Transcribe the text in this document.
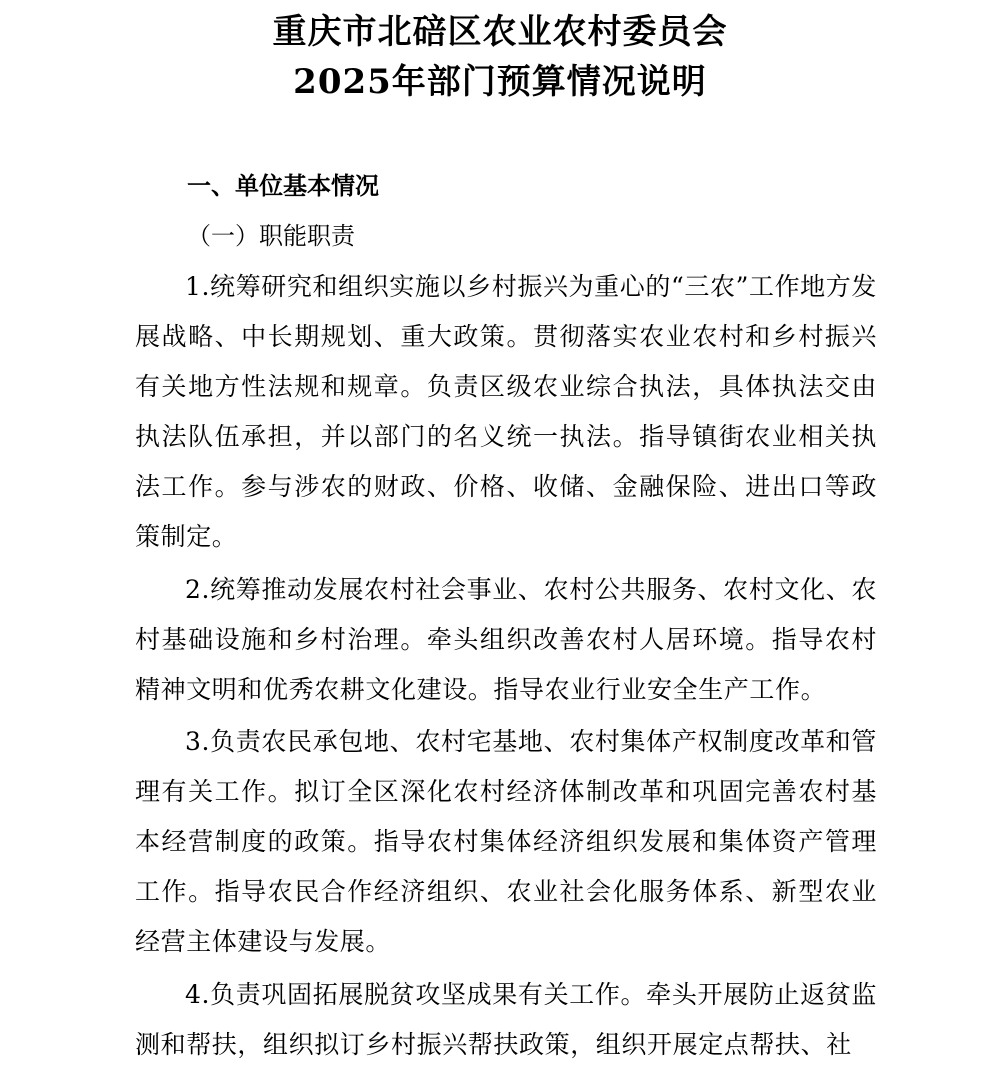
重庆市北碚区农业农村委员会
2025年部门预算情况说明
一、单位基本情况
（一）职能职责
1.统筹研究和组织实施以乡村振兴为重心的“三农”工作地方发展战略、中长期规划、重大政策。贯彻落实农业农村和乡村振兴有关地方性法规和规章。负责区级农业综合执法，具体执法交由执法队伍承担，并以部门的名义统一执法。指导镇街农业相关执法工作。参与涉农的财政、价格、收储、金融保险、进出口等政策制定。
2.统筹推动发展农村社会事业、农村公共服务、农村文化、农村基础设施和乡村治理。牵头组织改善农村人居环境。指导农村精神文明和优秀农耕文化建设。指导农业行业安全生产工作。
3.负责农民承包地、农村宅基地、农村集体产权制度改革和管理有关工作。拟订全区深化农村经济体制改革和巩固完善农村基本经营制度的政策。指导农村集体经济组织发展和集体资产管理工作。指导农民合作经济组织、农业社会化服务体系、新型农业经营主体建设与发展。
4.负责巩固拓展脱贫攻坚成果有关工作。牵头开展防止返贫监测和帮扶，组织拟订乡村振兴帮扶政策，组织开展定点帮扶、社
